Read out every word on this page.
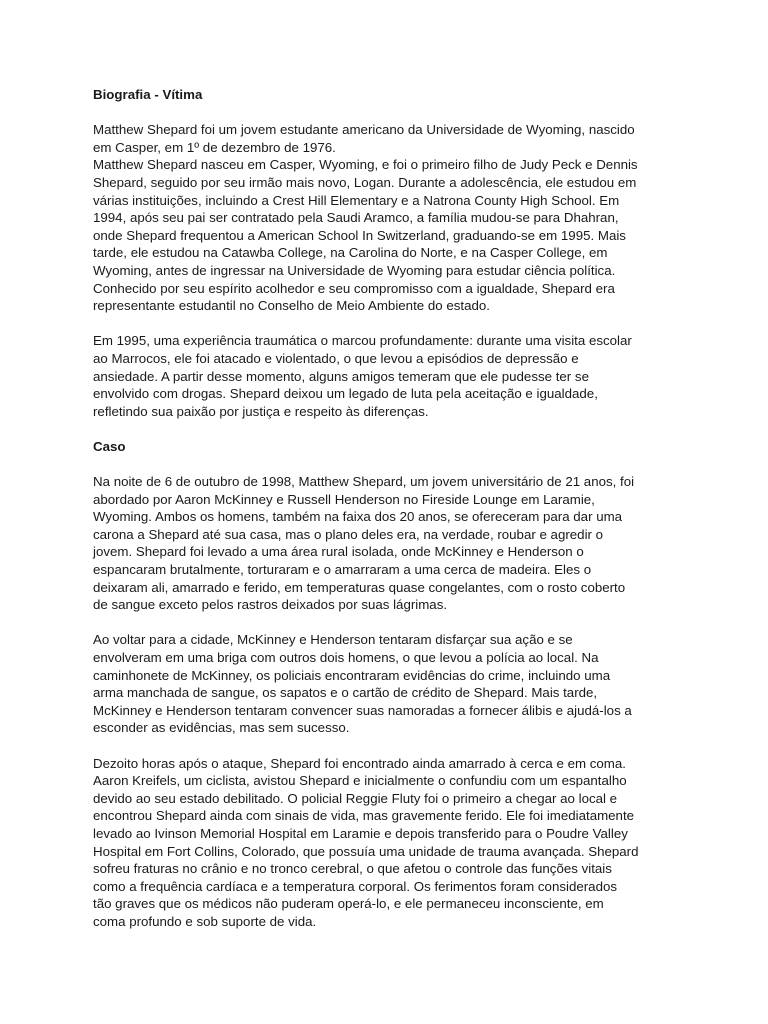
Biografia - Vítima

Matthew Shepard foi um jovem estudante americano da Universidade de Wyoming, nascido
em Casper, em 1º de dezembro de 1976.
Matthew Shepard nasceu em Casper, Wyoming, e foi o primeiro filho de Judy Peck e Dennis
Shepard, seguido por seu irmão mais novo, Logan. Durante a adolescência, ele estudou em
várias instituições, incluindo a Crest Hill Elementary e a Natrona County High School. Em
1994, após seu pai ser contratado pela Saudi Aramco, a família mudou-se para Dhahran,
onde Shepard frequentou a American School In Switzerland, graduando-se em 1995. Mais
tarde, ele estudou na Catawba College, na Carolina do Norte, e na Casper College, em
Wyoming, antes de ingressar na Universidade de Wyoming para estudar ciência política.
Conhecido por seu espírito acolhedor e seu compromisso com a igualdade, Shepard era
representante estudantil no Conselho de Meio Ambiente do estado.

Em 1995, uma experiência traumática o marcou profundamente: durante uma visita escolar
ao Marrocos, ele foi atacado e violentado, o que levou a episódios de depressão e
ansiedade. A partir desse momento, alguns amigos temeram que ele pudesse ter se
envolvido com drogas. Shepard deixou um legado de luta pela aceitação e igualdade,
refletindo sua paixão por justiça e respeito às diferenças.

Caso

Na noite de 6 de outubro de 1998, Matthew Shepard, um jovem universitário de 21 anos, foi
abordado por Aaron McKinney e Russell Henderson no Fireside Lounge em Laramie,
Wyoming. Ambos os homens, também na faixa dos 20 anos, se ofereceram para dar uma
carona a Shepard até sua casa, mas o plano deles era, na verdade, roubar e agredir o
jovem. Shepard foi levado a uma área rural isolada, onde McKinney e Henderson o
espancaram brutalmente, torturaram e o amarraram a uma cerca de madeira. Eles o
deixaram ali, amarrado e ferido, em temperaturas quase congelantes, com o rosto coberto
de sangue exceto pelos rastros deixados por suas lágrimas.

Ao voltar para a cidade, McKinney e Henderson tentaram disfarçar sua ação e se
envolveram em uma briga com outros dois homens, o que levou a polícia ao local. Na
caminhonete de McKinney, os policiais encontraram evidências do crime, incluindo uma
arma manchada de sangue, os sapatos e o cartão de crédito de Shepard. Mais tarde,
McKinney e Henderson tentaram convencer suas namoradas a fornecer álibis e ajudá-los a
esconder as evidências, mas sem sucesso.

Dezoito horas após o ataque, Shepard foi encontrado ainda amarrado à cerca e em coma.
Aaron Kreifels, um ciclista, avistou Shepard e inicialmente o confundiu com um espantalho
devido ao seu estado debilitado. O policial Reggie Fluty foi o primeiro a chegar ao local e
encontrou Shepard ainda com sinais de vida, mas gravemente ferido. Ele foi imediatamente
levado ao Ivinson Memorial Hospital em Laramie e depois transferido para o Poudre Valley
Hospital em Fort Collins, Colorado, que possuía uma unidade de trauma avançada. Shepard
sofreu fraturas no crânio e no tronco cerebral, o que afetou o controle das funções vitais
como a frequência cardíaca e a temperatura corporal. Os ferimentos foram considerados
tão graves que os médicos não puderam operá-lo, e ele permaneceu inconsciente, em
coma profundo e sob suporte de vida.
